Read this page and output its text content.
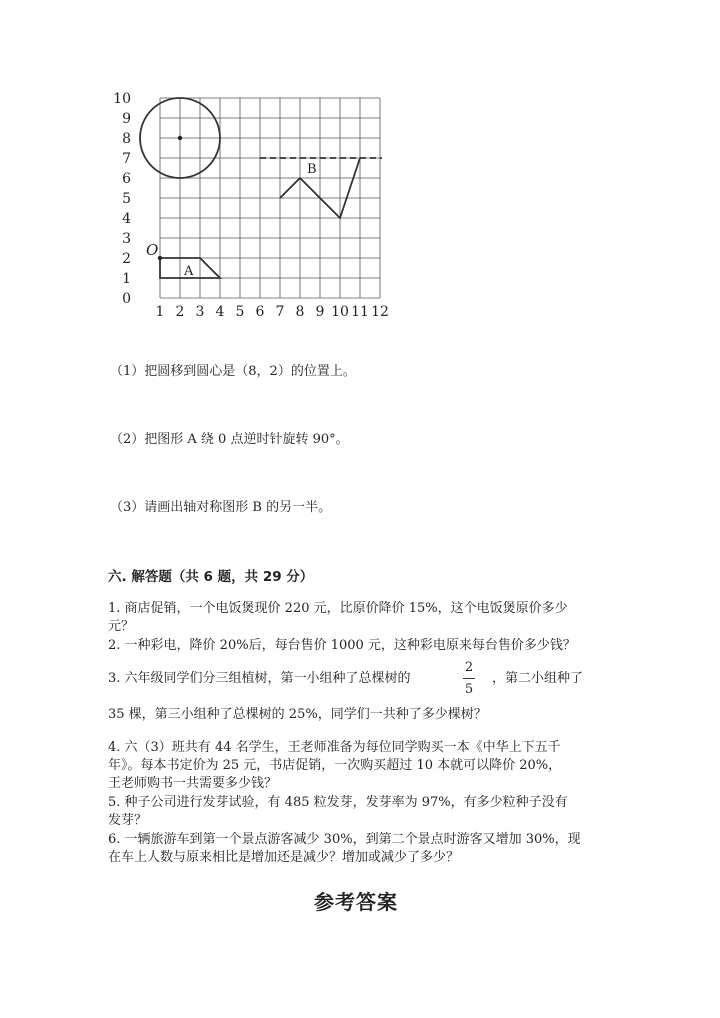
0
1
2
3
4
5
6
7
8
9
10
1 2 3 4 5 6 7 8 9 10 11 12
O
A
B
（1）把圆移到圆心是（8，2）的位置上。
（2）把图形 A 绕 0 点逆时针旋转 90°。
（3）请画出轴对称图形 B 的另一半。
六. 解答题（共 6 题，共 29 分）
1. 商店促销，一个电饭煲现价 220 元，比原价降价 15%，这个电饭煲原价多少
元？
2. 一种彩电，降价 20%后，每台售价 1000 元，这种彩电原来每台售价多少钱？
3. 六年级同学们分三组植树，第一小组种了总棵树的
2
5
，第二小组种了
35 棵，第三小组种了总棵树的 25%，同学们一共种了多少棵树？
4. 六（3）班共有 44 名学生，王老师准备为每位同学购买一本《中华上下五千
年》。每本书定价为 25 元，书店促销，一次购买超过 10 本就可以降价 20%，
王老师购书一共需要多少钱？
5. 种子公司进行发芽试验，有 485 粒发芽，发芽率为 97%，有多少粒种子没有
发芽？
6. 一辆旅游车到第一个景点游客减少 30%，到第二个景点时游客又增加 30%，现
在车上人数与原来相比是增加还是减少？增加或减少了多少？
参考答案
